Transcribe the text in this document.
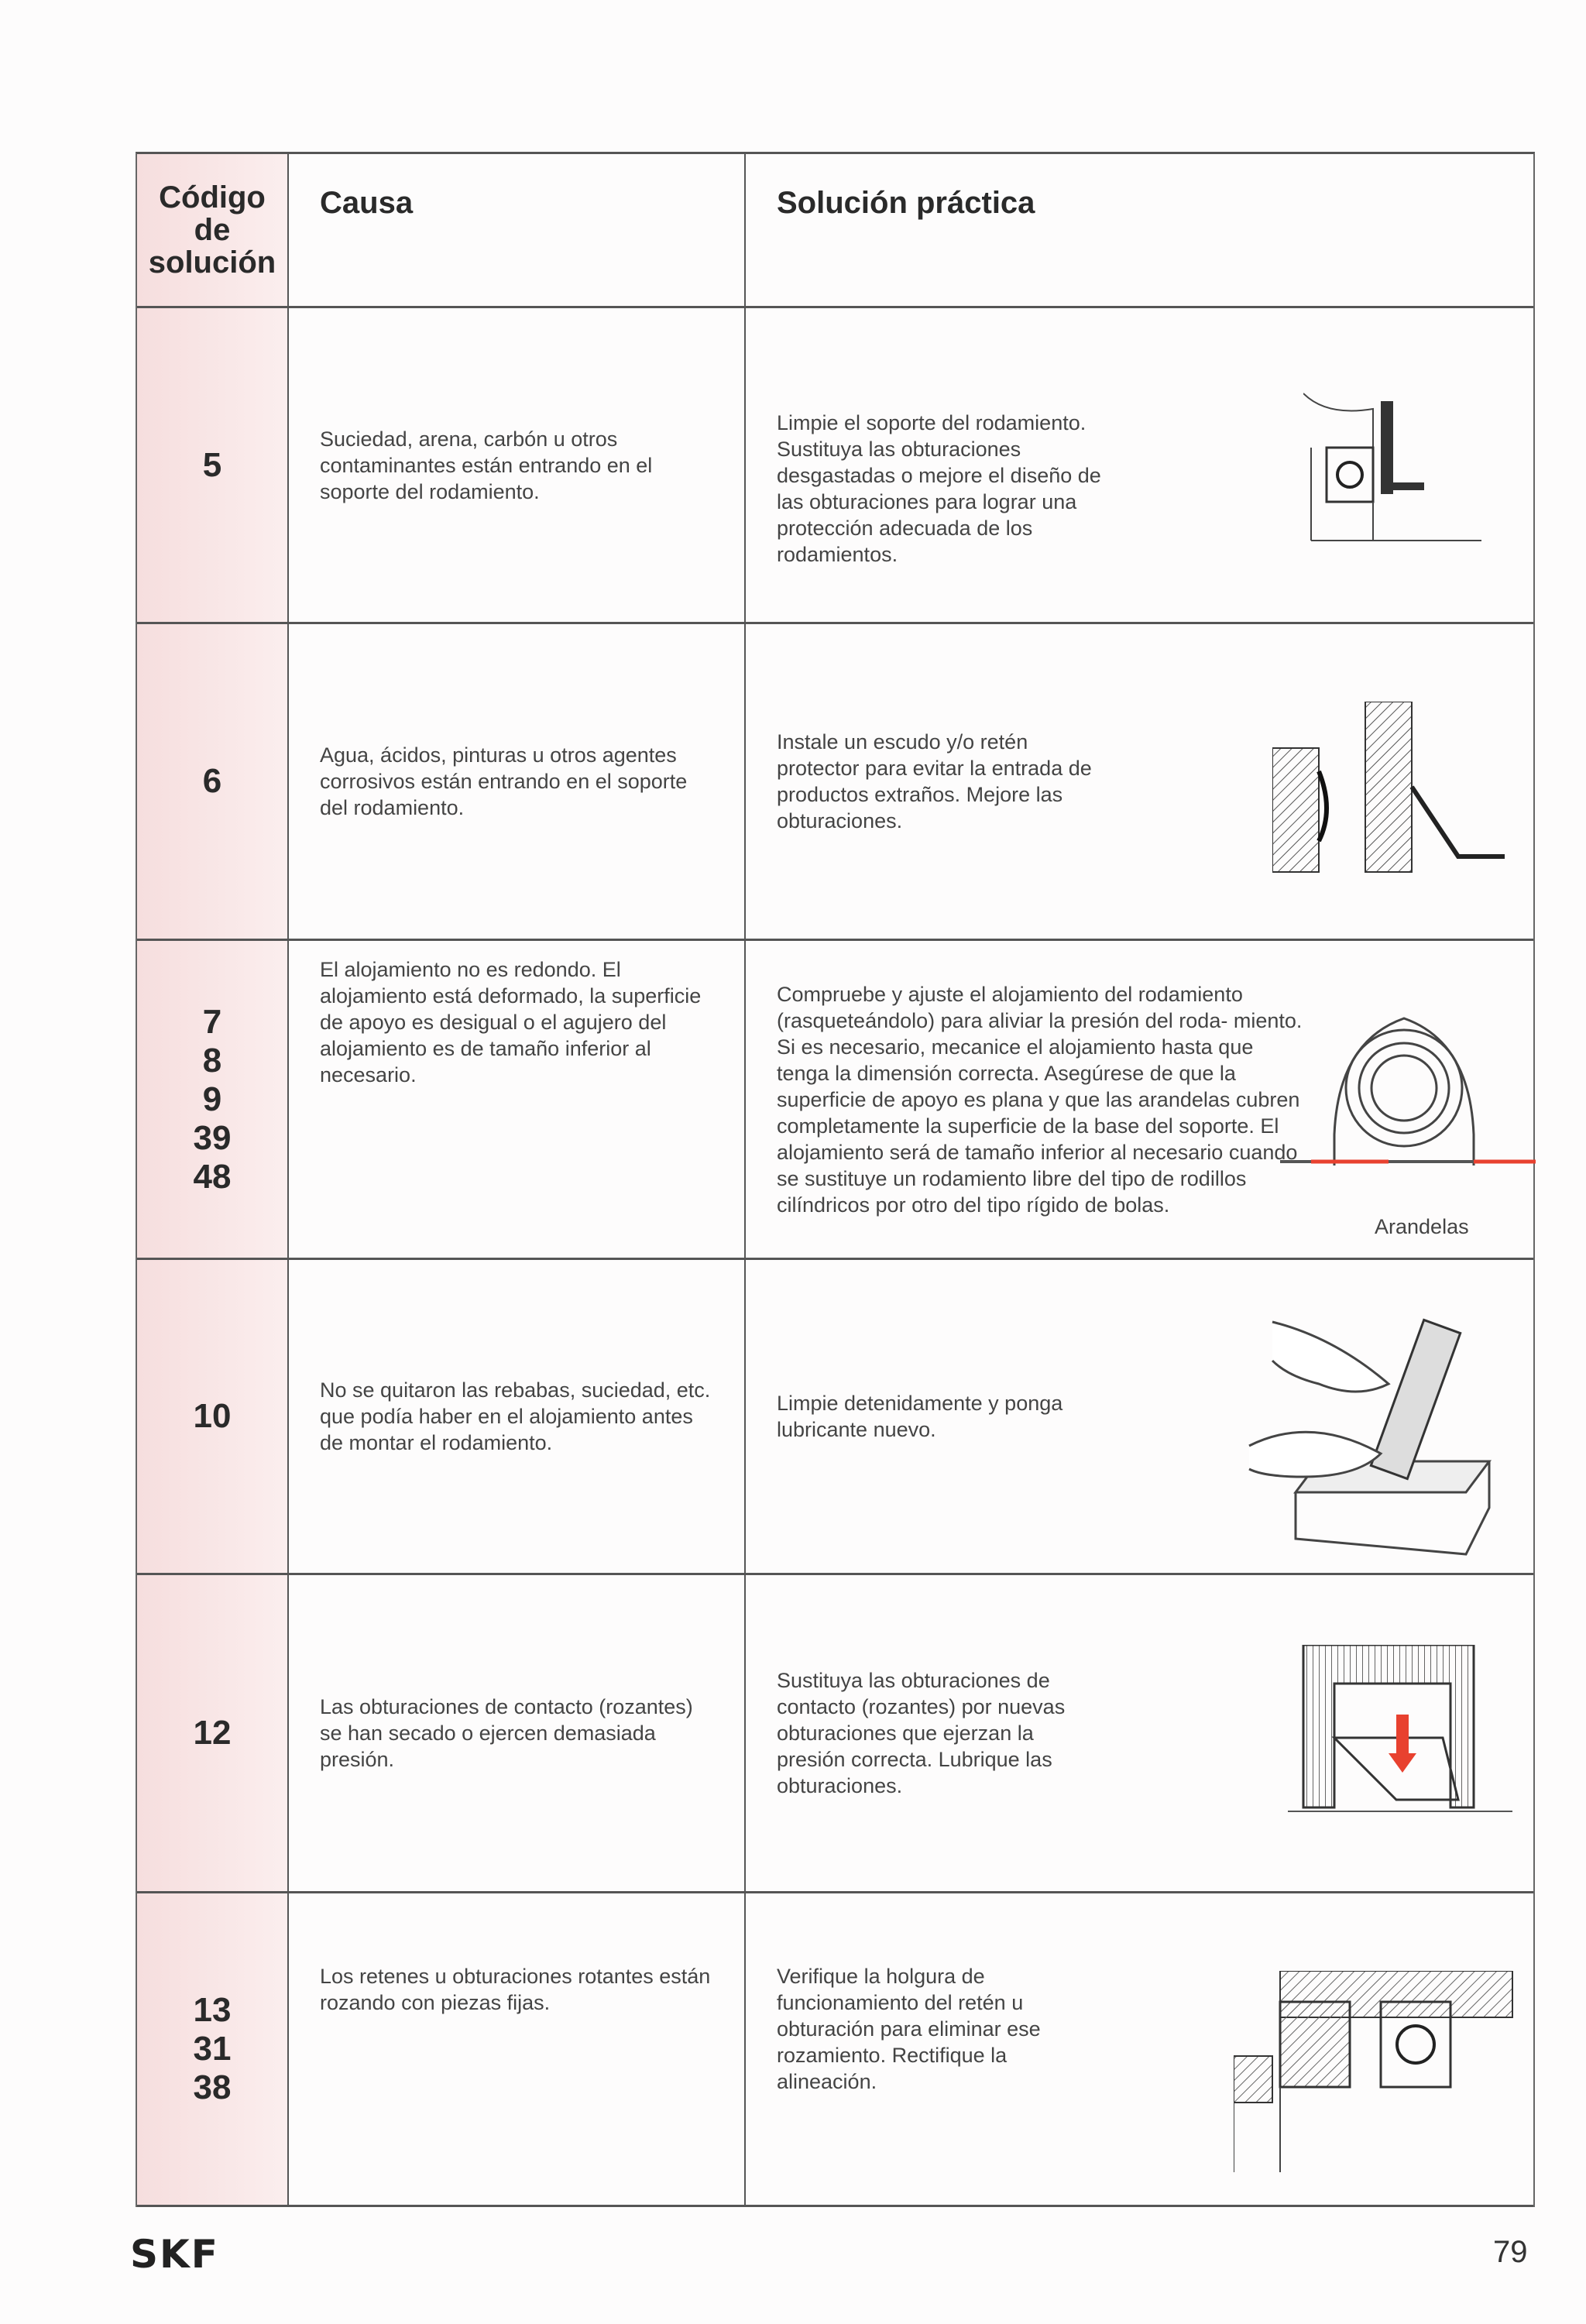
Código
de
solución
Causa	Solución práctica
5
Suciedad, arena, carbón u otros contaminantes están entrando en el soporte del rodamiento.
Limpie el soporte del rodamiento. Sustituya las obturaciones desgastadas o mejore el diseño de las obturaciones para lograr una protección adecuada de los rodamientos.
6
Agua, ácidos, pinturas u otros agentes corrosivos están entrando en el soporte del rodamiento.
Instale un escudo y/o retén protector para evitar la entrada de productos extraños. Mejore las obturaciones.
7
8
9
39
48
El alojamiento no es redondo. El alojamiento está deformado, la superficie de apoyo es desigual o el agujero del alojamiento es de tamaño inferior al necesario.
Compruebe y ajuste el alojamiento del rodamiento (rasqueteándolo) para aliviar la presión del roda- miento. Si es necesario, mecanice el alojamiento hasta que tenga la dimensión correcta. Asegúrese de que la superficie de apoyo es plana y que las arandelas cubren completamente la superficie de la base del soporte. El alojamiento será de tamaño inferior al necesario cuando se sustituye un rodamiento libre del tipo de rodillos cilíndricos por otro del tipo rígido de bolas.
Arandelas
10
No se quitaron las rebabas, suciedad, etc. que podía haber en el alojamiento antes de montar el rodamiento.
Limpie detenidamente y ponga lubricante nuevo.
12
Las obturaciones de contacto (rozantes) se han secado o ejercen demasiada presión.
Sustituya las obturaciones de contacto (rozantes) por nuevas obturaciones que ejerzan la presión correcta. Lubrique las obturaciones.
13
31
38
Los retenes u obturaciones rotantes están rozando con piezas fijas.
Verifique la holgura de funcionamiento del retén u obturación para eliminar ese rozamiento. Rectifique la alineación.
SKF	79
